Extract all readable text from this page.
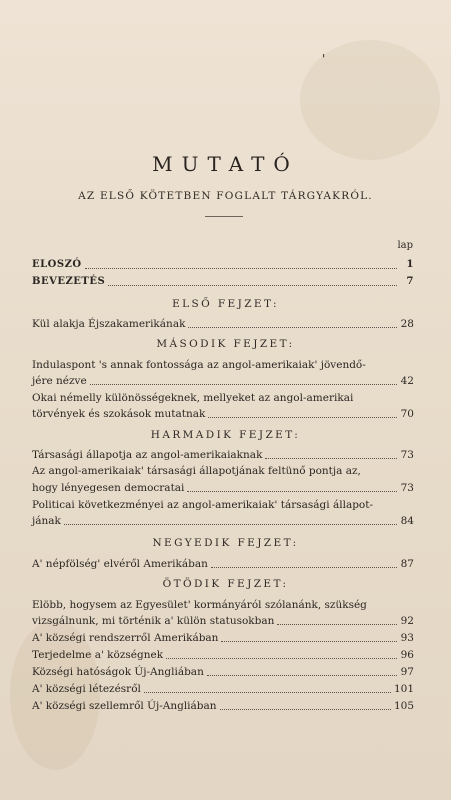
'
MUTATÓ
AZ ELSŐ KÖTETBEN FOGLALT TÁRGYAKRÓL.
lap
ELOSZÓ	1
BEVEZETÉS	7
ELSŐ FEJZET:
Kül alakja Éjszakamerikának	28
MÁSODIK FEJZET:
Indulaspont 's annak fontossága az angol-amerikaiak' jövendő-
jére nézve	42
Okai némelly különösségeknek, mellyeket az angol-amerikai
törvények és szokások mutatnak	70
HARMADIK FEJZET:
Társasági állapotja az angol-amerikaiaknak	73
Az angol-amerikaiak' társasági állapotjának feltünő pontja az,
hogy lényegesen democratai	73
Politicai következményei az angol-amerikaiak' társasági állapot-
jának	84
NEGYEDIK FEJZET:
A' népfölség' elvéről Amerikában	87
ÖTÖDIK FEJZET:
Elöbb, hogysem az Egyesület' kormányáról szólanánk, szükség
vizsgálnunk, mi történik a' külön statusokban	92
A' községi rendszerről Amerikában	93
Terjedelme a' községnek	96
Községi hatóságok Új-Angliában	97
A' községi létezésről	101
A' községi szellemről Új-Angliában	105
